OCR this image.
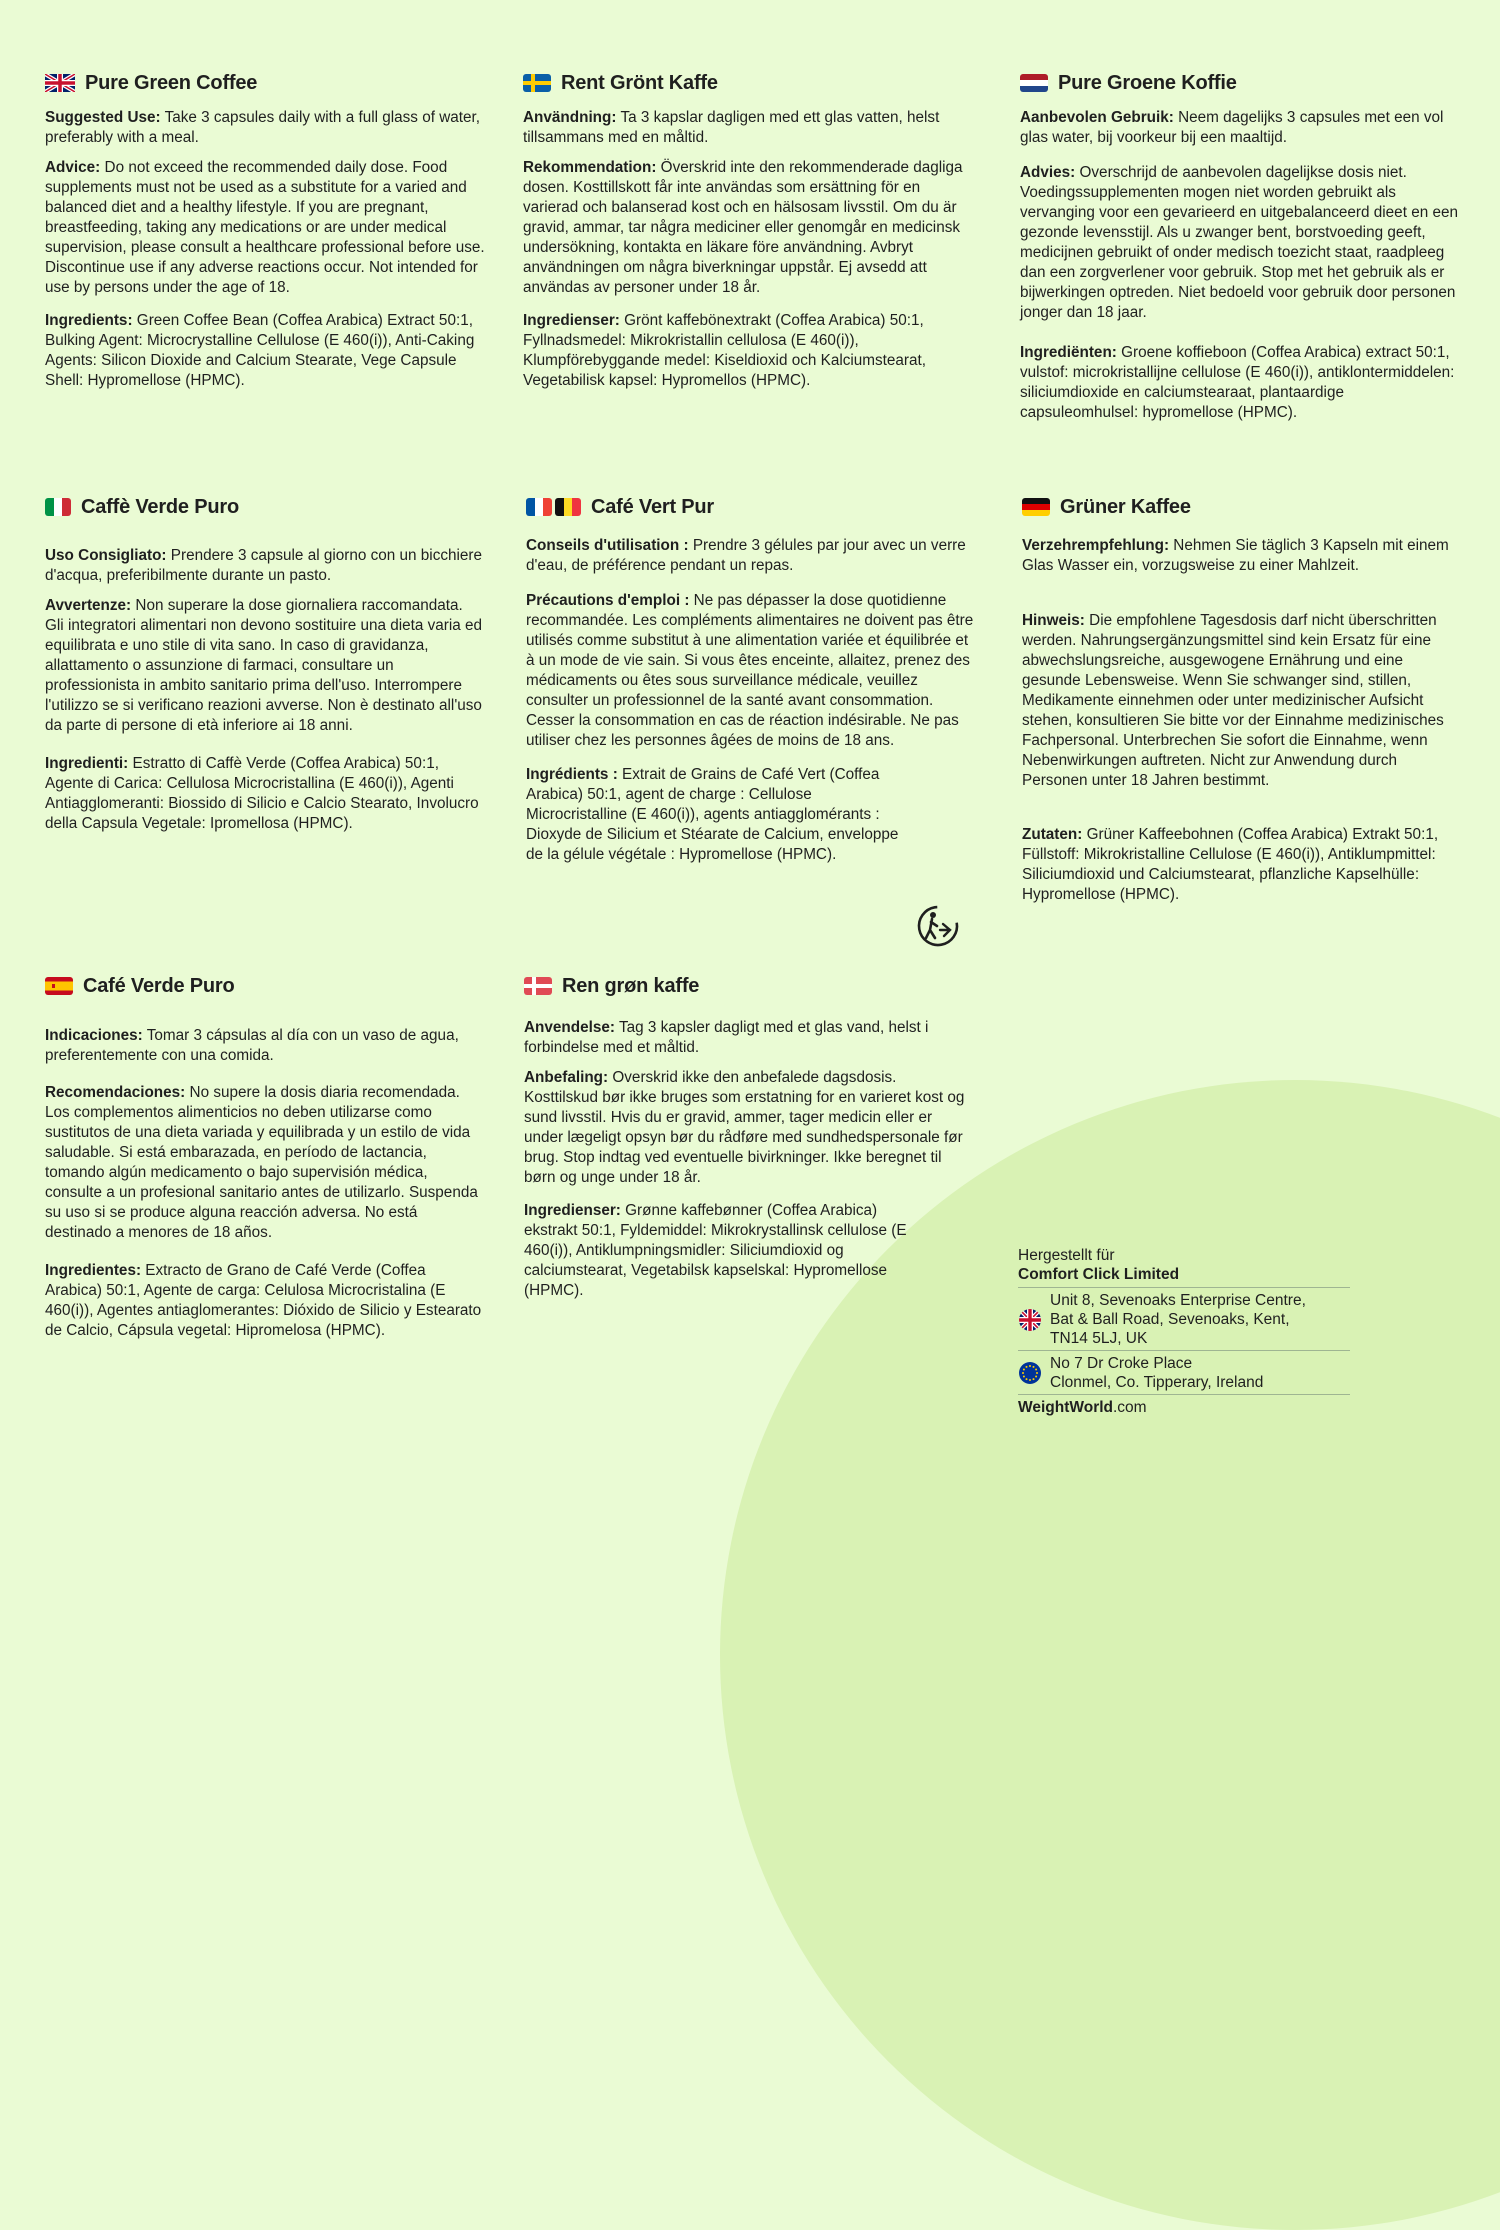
Pure Green Coffee

Suggested Use: Take 3 capsules daily with a full glass of water, preferably with a meal.

Advice: Do not exceed the recommended daily dose. Food supplements must not be used as a substitute for a varied and balanced diet and a healthy lifestyle. If you are pregnant, breastfeeding, taking any medications or are under medical supervision, please consult a healthcare professional before use. Discontinue use if any adverse reactions occur. Not intended for use by persons under the age of 18.

Ingredients: Green Coffee Bean (Coffea Arabica) Extract 50:1, Bulking Agent: Microcrystalline Cellulose (E 460(i)), Anti-Caking Agents: Silicon Dioxide and Calcium Stearate, Vege Capsule Shell: Hypromellose (HPMC).

Rent Grönt Kaffe

Användning: Ta 3 kapslar dagligen med ett glas vatten, helst tillsammans med en måltid.

Rekommendation: Överskrid inte den rekommenderade dagliga dosen. Kosttillskott får inte användas som ersättning för en varierad och balanserad kost och en hälsosam livsstil. Om du är gravid, ammar, tar några mediciner eller genomgår en medicinsk undersökning, kontakta en läkare före användning. Avbryt användningen om några biverkningar uppstår. Ej avsedd att användas av personer under 18 år.

Ingredienser: Grönt kaffebönextrakt (Coffea Arabica) 50:1, Fyllnadsmedel: Mikrokristallin cellulosa (E 460(i)), Klumpförebyggande medel: Kiseldioxid och Kalciumstearat, Vegetabilisk kapsel: Hypromellos (HPMC).

Pure Groene Koffie

Aanbevolen Gebruik: Neem dagelijks 3 capsules met een vol glas water, bij voorkeur bij een maaltijd.

Advies: Overschrijd de aanbevolen dagelijkse dosis niet. Voedingssupplementen mogen niet worden gebruikt als vervanging voor een gevarieerd en uitgebalanceerd dieet en een gezonde levensstijl. Als u zwanger bent, borstvoeding geeft, medicijnen gebruikt of onder medisch toezicht staat, raadpleeg dan een zorgverlener voor gebruik. Stop met het gebruik als er bijwerkingen optreden. Niet bedoeld voor gebruik door personen jonger dan 18 jaar.

Ingrediënten: Groene koffieboon (Coffea Arabica) extract 50:1, vulstof: microkristallijne cellulose (E 460(i)), antiklontermiddelen: siliciumdioxide en calciumstearaat, plantaardige capsuleomhulsel: hypromellose (HPMC).

Caffè Verde Puro

Uso Consigliato: Prendere 3 capsule al giorno con un bicchiere d'acqua, preferibilmente durante un pasto.

Avvertenze: Non superare la dose giornaliera raccomandata. Gli integratori alimentari non devono sostituire una dieta varia ed equilibrata e uno stile di vita sano. In caso di gravidanza, allattamento o assunzione di farmaci, consultare un professionista in ambito sanitario prima dell'uso. Interrompere l'utilizzo se si verificano reazioni avverse. Non è destinato all'uso da parte di persone di età inferiore ai 18 anni.

Ingredienti: Estratto di Caffè Verde (Coffea Arabica) 50:1, Agente di Carica: Cellulosa Microcristallina (E 460(i)), Agenti Antiagglomeranti: Biossido di Silicio e Calcio Stearato, Involucro della Capsula Vegetale: Ipromellosa (HPMC).

Café Vert Pur

Conseils d'utilisation : Prendre 3 gélules par jour avec un verre d'eau, de préférence pendant un repas.

Précautions d'emploi : Ne pas dépasser la dose quotidienne recommandée. Les compléments alimentaires ne doivent pas être utilisés comme substitut à une alimentation variée et équilibrée et à un mode de vie sain. Si vous êtes enceinte, allaitez, prenez des médicaments ou êtes sous surveillance médicale, veuillez consulter un professionnel de la santé avant consommation. Cesser la consommation en cas de réaction indésirable. Ne pas utiliser chez les personnes âgées de moins de 18 ans.

Ingrédients : Extrait de Grains de Café Vert (Coffea Arabica) 50:1, agent de charge : Cellulose Microcristalline (E 460(i)), agents antiagglomérants : Dioxyde de Silicium et Stéarate de Calcium, enveloppe de la gélule végétale : Hypromellose (HPMC).

Grüner Kaffee

Verzehrempfehlung: Nehmen Sie täglich 3 Kapseln mit einem Glas Wasser ein, vorzugsweise zu einer Mahlzeit.

Hinweis: Die empfohlene Tagesdosis darf nicht überschritten werden. Nahrungsergänzungsmittel sind kein Ersatz für eine abwechslungsreiche, ausgewogene Ernährung und eine gesunde Lebensweise. Wenn Sie schwanger sind, stillen, Medikamente einnehmen oder unter medizinischer Aufsicht stehen, konsultieren Sie bitte vor der Einnahme medizinisches Fachpersonal. Unterbrechen Sie sofort die Einnahme, wenn Nebenwirkungen auftreten. Nicht zur Anwendung durch Personen unter 18 Jahren bestimmt.

Zutaten: Grüner Kaffeebohnen (Coffea Arabica) Extrakt 50:1, Füllstoff: Mikrokristalline Cellulose (E 460(i)), Antiklumpmittel: Siliciumdioxid und Calciumstearat, pflanzliche Kapselhülle: Hypromellose (HPMC).

Café Verde Puro

Indicaciones: Tomar 3 cápsulas al día con un vaso de agua, preferentemente con una comida.

Recomendaciones: No supere la dosis diaria recomendada. Los complementos alimenticios no deben utilizarse como sustitutos de una dieta variada y equilibrada y un estilo de vida saludable. Si está embarazada, en período de lactancia, tomando algún medicamento o bajo supervisión médica, consulte a un profesional sanitario antes de utilizarlo. Suspenda su uso si se produce alguna reacción adversa. No está destinado a menores de 18 años.

Ingredientes: Extracto de Grano de Café Verde (Coffea Arabica) 50:1, Agente de carga: Celulosa Microcristalina (E 460(i)), Agentes antiaglomerantes: Dióxido de Silicio y Estearato de Calcio, Cápsula vegetal: Hipromelosa (HPMC).

Ren grøn kaffe

Anvendelse: Tag 3 kapsler dagligt med et glas vand, helst i forbindelse med et måltid.

Anbefaling: Overskrid ikke den anbefalede dagsdosis. Kosttilskud bør ikke bruges som erstatning for en varieret kost og sund livsstil. Hvis du er gravid, ammer, tager medicin eller er under lægeligt opsyn bør du rådføre med sundhedspersonale før brug. Stop indtag ved eventuelle bivirkninger. Ikke beregnet til børn og unge under 18 år.

Ingredienser: Grønne kaffebønner (Coffea Arabica) ekstrakt 50:1, Fyldemiddel: Mikrokrystallinsk cellulose (E 460(i)), Antiklumpningsmidler: Siliciumdioxid og calciumstearat, Vegetabilsk kapselskal: Hypromellose (HPMC).

Hergestellt für
Comfort Click Limited
Unit 8, Sevenoaks Enterprise Centre,
Bat & Ball Road, Sevenoaks, Kent,
TN14 5LJ, UK
No 7 Dr Croke Place
Clonmel, Co. Tipperary, Ireland
WeightWorld.com
